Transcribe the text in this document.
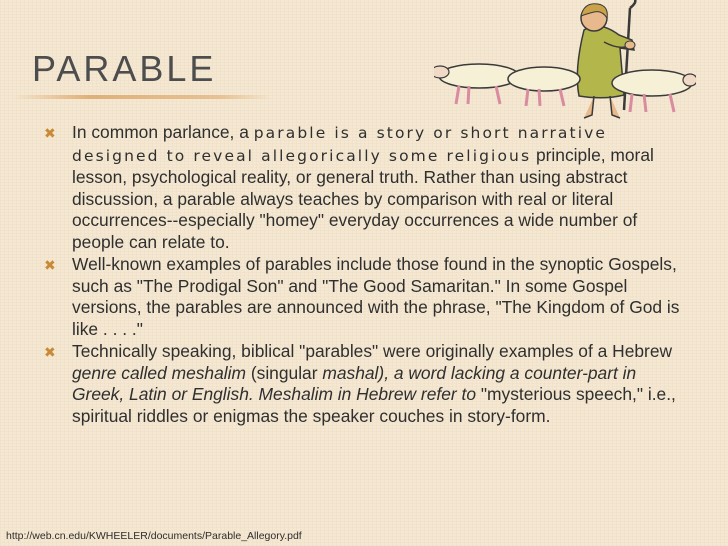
PARABLE
✖ In common parlance, a parable is a story or short narrative designed to reveal allegorically some religious principle, moral lesson, psychological reality, or general truth. Rather than using abstract discussion, a parable always teaches by comparison with real or literal occurrences--especially "homey" everyday occurrences a wide number of people can relate to.
✖ Well-known examples of parables include those found in the synoptic Gospels, such as "The Prodigal Son" and "The Good Samaritan." In some Gospel versions, the parables are announced with the phrase, "The Kingdom of God is like . . . ."
✖ Technically speaking, biblical "parables" were originally examples of a Hebrew genre called meshalim (singular mashal), a word lacking a counter-part in Greek, Latin or English. Meshalim in Hebrew refer to "mysterious speech," i.e., spiritual riddles or enigmas the speaker couches in story-form.
http://web.cn.edu/KWHEELER/documents/Parable_Allegory.pdf
